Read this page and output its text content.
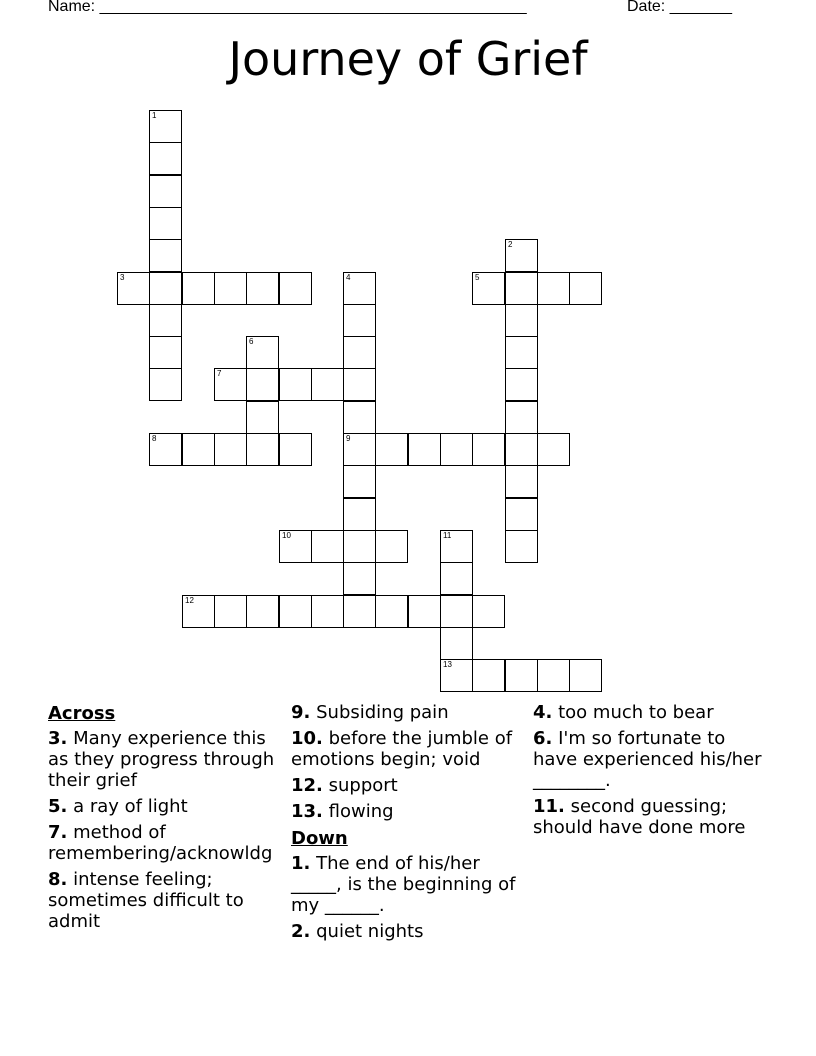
Name: ________________________________________________	Date: _______
Journey of Grief
1
2
3	4
9
5
6
7
8
10	11
13
12
Across
3. Many experience this as they progress through their grief
5. a ray of light
7. method of remembering/acknowldg
8. intense feeling; sometimes difficult to admit
9. Subsiding pain
10. before the jumble of emotions begin; void
12. support
13. flowing
Down
1. The end of his/her _____, is the beginning of my ______.
2. quiet nights
4. too much to bear
6. I'm so fortunate to have experienced his/her ________.
11. second guessing; should have done more
